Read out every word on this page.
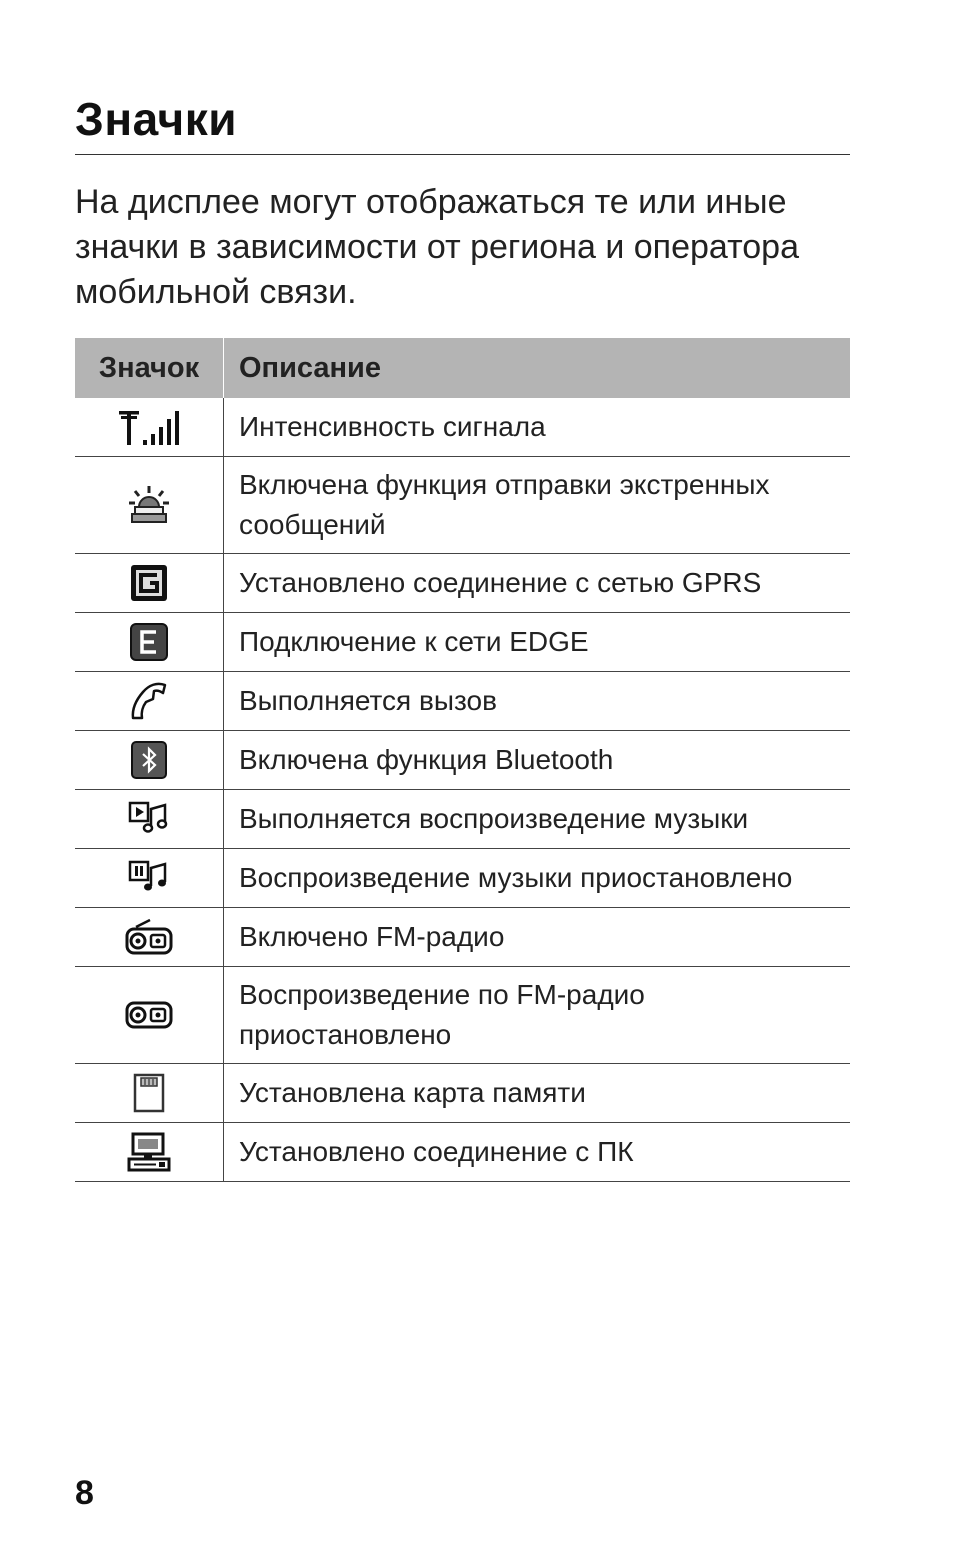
Значки

На дисплее могут отображаться те или иные значки в зависимости от региона и оператора мобильной связи.

Значок	Описание
	Интенсивность сигнала
	Включена функция отправки экстренных сообщений
	Установлено соединение с сетью GPRS
	Подключение к сети EDGE
	Выполняется вызов
	Включена функция Bluetooth
	Выполняется воспроизведение музыки
	Воспроизведение музыки приостановлено
	Включено FM-радио
	Воспроизведение по FM-радио приостановлено
	Установлена карта памяти
	Установлено соединение с ПК
8
